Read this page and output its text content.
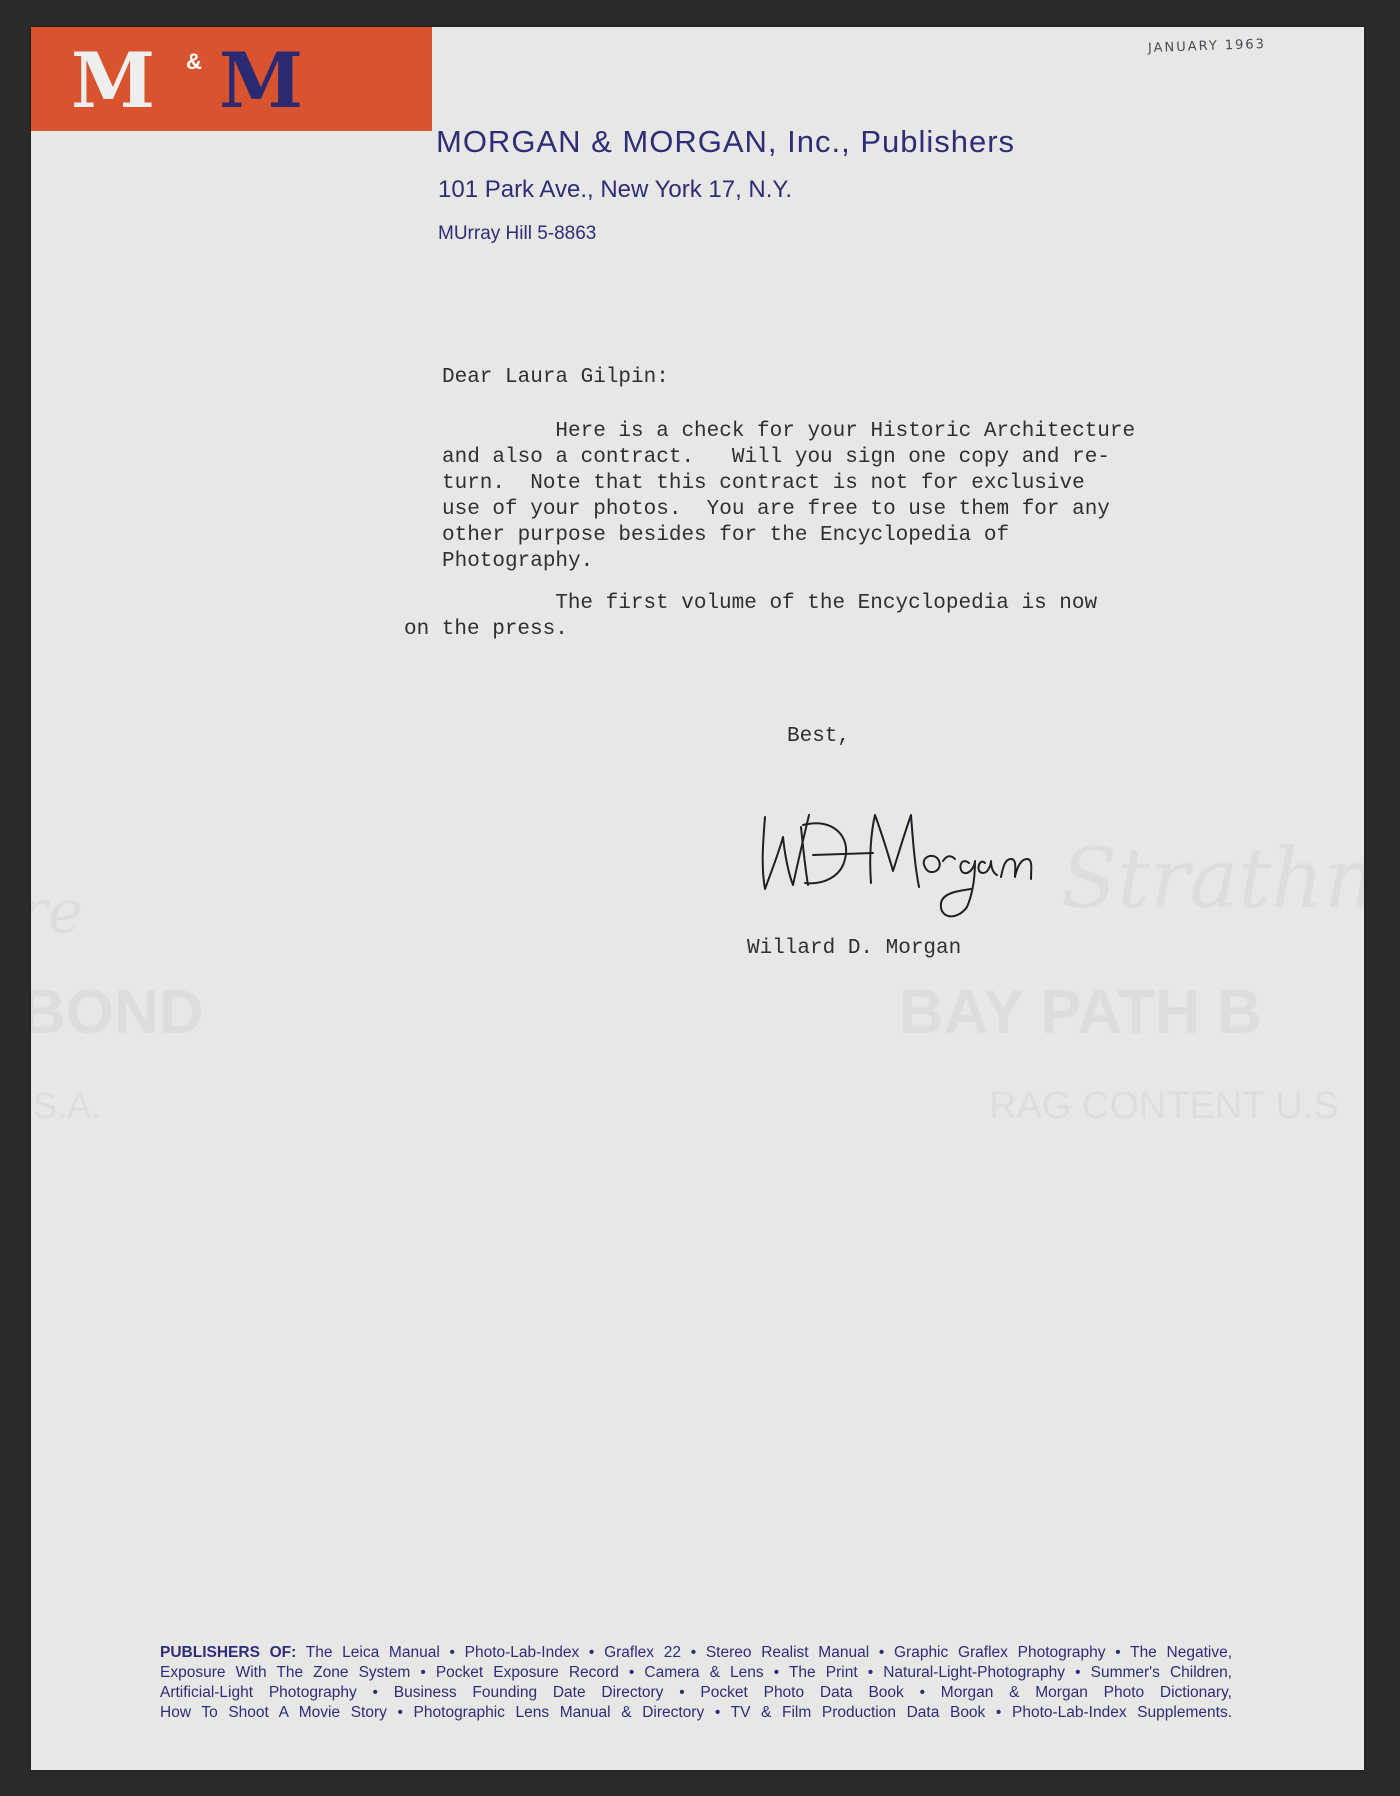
M & M	JANUARY 1963
MORGAN & MORGAN, Inc., Publishers
101 Park Ave., New York 17, N.Y.
MUrray Hill 5-8863
Dear Laura Gilpin:
Here is a check for your Historic Architecture
and also a contract.   Will you sign one copy and re-
turn.  Note that this contract is not for exclusive
use of your photos.  You are free to use them for any
other purpose besides for the Encyclopedia of
Photography.
The first volume of the Encyclopedia is now
on the press.
Best,
Willard D. Morgan
PUBLISHERS OF: The Leica Manual • Photo-Lab-Index • Graflex 22 • Stereo Realist Manual • Graphic Graflex Photography • The Negative,
Exposure With The Zone System • Pocket Exposure Record • Camera & Lens • The Print • Natural-Light-Photography • Summer's Children,
Artificial-Light Photography • Business Founding Date Directory • Pocket Photo Data Book • Morgan & Morgan Photo Dictionary,
How To Shoot A Movie Story • Photographic Lens Manual & Directory • TV & Film Production Data Book • Photo-Lab-Index Supplements.
